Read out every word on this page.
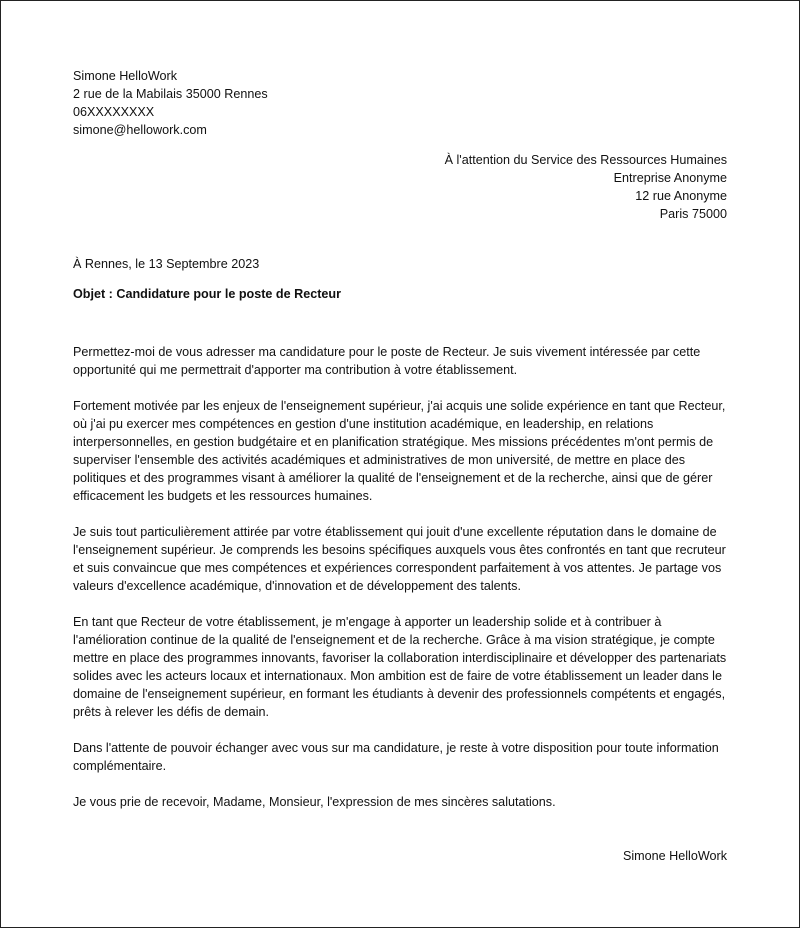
Simone HelloWork
2 rue de la Mabilais 35000 Rennes
06XXXXXXXX
simone@hellowork.com
À l'attention du Service des Ressources Humaines
Entreprise Anonyme
12 rue Anonyme
Paris 75000
À Rennes, le 13 Septembre 2023
Objet : Candidature pour le poste de Recteur

Permettez-moi de vous adresser ma candidature pour le poste de Recteur. Je suis vivement intéressée par cette opportunité qui me permettrait d'apporter ma contribution à votre établissement.

Fortement motivée par les enjeux de l'enseignement supérieur, j'ai acquis une solide expérience en tant que Recteur, où j'ai pu exercer mes compétences en gestion d'une institution académique, en leadership, en relations interpersonnelles, en gestion budgétaire et en planification stratégique. Mes missions précédentes m'ont permis de superviser l'ensemble des activités académiques et administratives de mon université, de mettre en place des politiques et des programmes visant à améliorer la qualité de l'enseignement et de la recherche, ainsi que de gérer efficacement les budgets et les ressources humaines.

Je suis tout particulièrement attirée par votre établissement qui jouit d'une excellente réputation dans le domaine de l'enseignement supérieur. Je comprends les besoins spécifiques auxquels vous êtes confrontés en tant que recruteur et suis convaincue que mes compétences et expériences correspondent parfaitement à vos attentes. Je partage vos valeurs d'excellence académique, d'innovation et de développement des talents.

En tant que Recteur de votre établissement, je m'engage à apporter un leadership solide et à contribuer à l'amélioration continue de la qualité de l'enseignement et de la recherche. Grâce à ma vision stratégique, je compte mettre en place des programmes innovants, favoriser la collaboration interdisciplinaire et développer des partenariats solides avec les acteurs locaux et internationaux. Mon ambition est de faire de votre établissement un leader dans le domaine de l'enseignement supérieur, en formant les étudiants à devenir des professionnels compétents et engagés, prêts à relever les défis de demain.

Dans l'attente de pouvoir échanger avec vous sur ma candidature, je reste à votre disposition pour toute information complémentaire.

Je vous prie de recevoir, Madame, Monsieur, l'expression de mes sincères salutations.

Simone HelloWork
